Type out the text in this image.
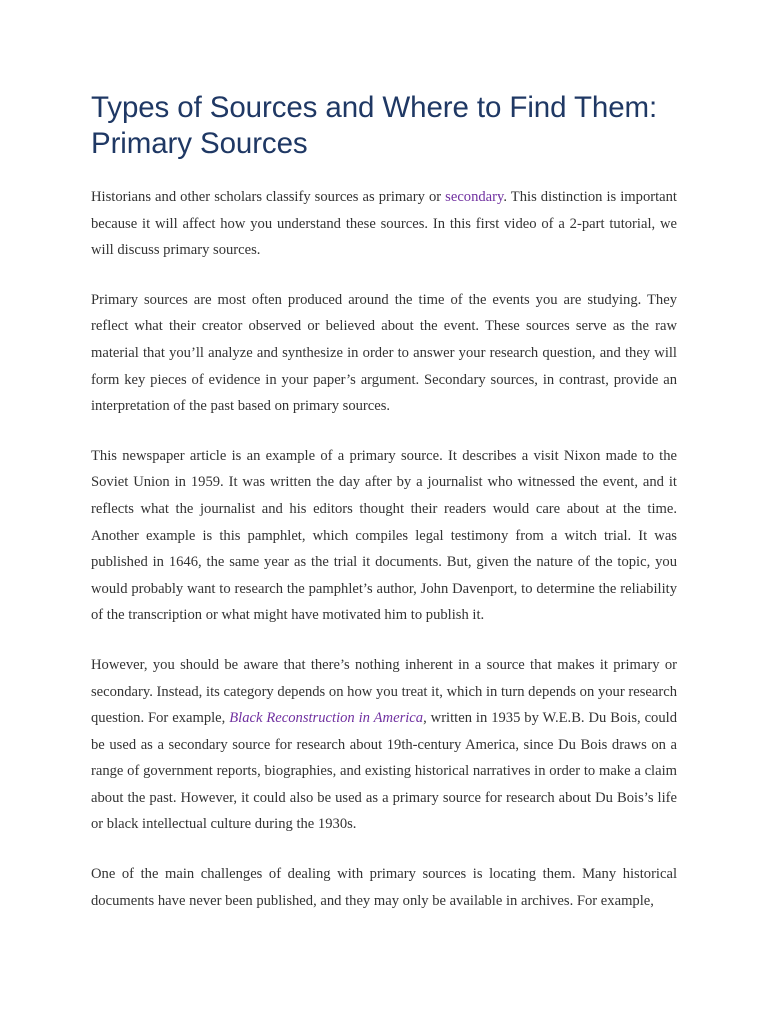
Types of Sources and Where to Find Them: Primary Sources

Historians and other scholars classify sources as primary or secondary. This distinction is important because it will affect how you understand these sources. In this first video of a 2-part tutorial, we will discuss primary sources.

Primary sources are most often produced around the time of the events you are studying. They reflect what their creator observed or believed about the event. These sources serve as the raw material that you’ll analyze and synthesize in order to answer your research question, and they will form key pieces of evidence in your paper’s argument. Secondary sources, in contrast, provide an interpretation of the past based on primary sources.

This newspaper article is an example of a primary source. It describes a visit Nixon made to the Soviet Union in 1959. It was written the day after by a journalist who witnessed the event, and it reflects what the journalist and his editors thought their readers would care about at the time. Another example is this pamphlet, which compiles legal testimony from a witch trial. It was published in 1646, the same year as the trial it documents. But, given the nature of the topic, you would probably want to research the pamphlet’s author, John Davenport, to determine the reliability of the transcription or what might have motivated him to publish it.

However, you should be aware that there’s nothing inherent in a source that makes it primary or secondary. Instead, its category depends on how you treat it, which in turn depends on your research question. For example, Black Reconstruction in America, written in 1935 by W.E.B. Du Bois, could be used as a secondary source for research about 19th-century America, since Du Bois draws on a range of government reports, biographies, and existing historical narratives in order to make a claim about the past. However, it could also be used as a primary source for research about Du Bois’s life or black intellectual culture during the 1930s.

One of the main challenges of dealing with primary sources is locating them. Many historical documents have never been published, and they may only be available in archives. For example,
